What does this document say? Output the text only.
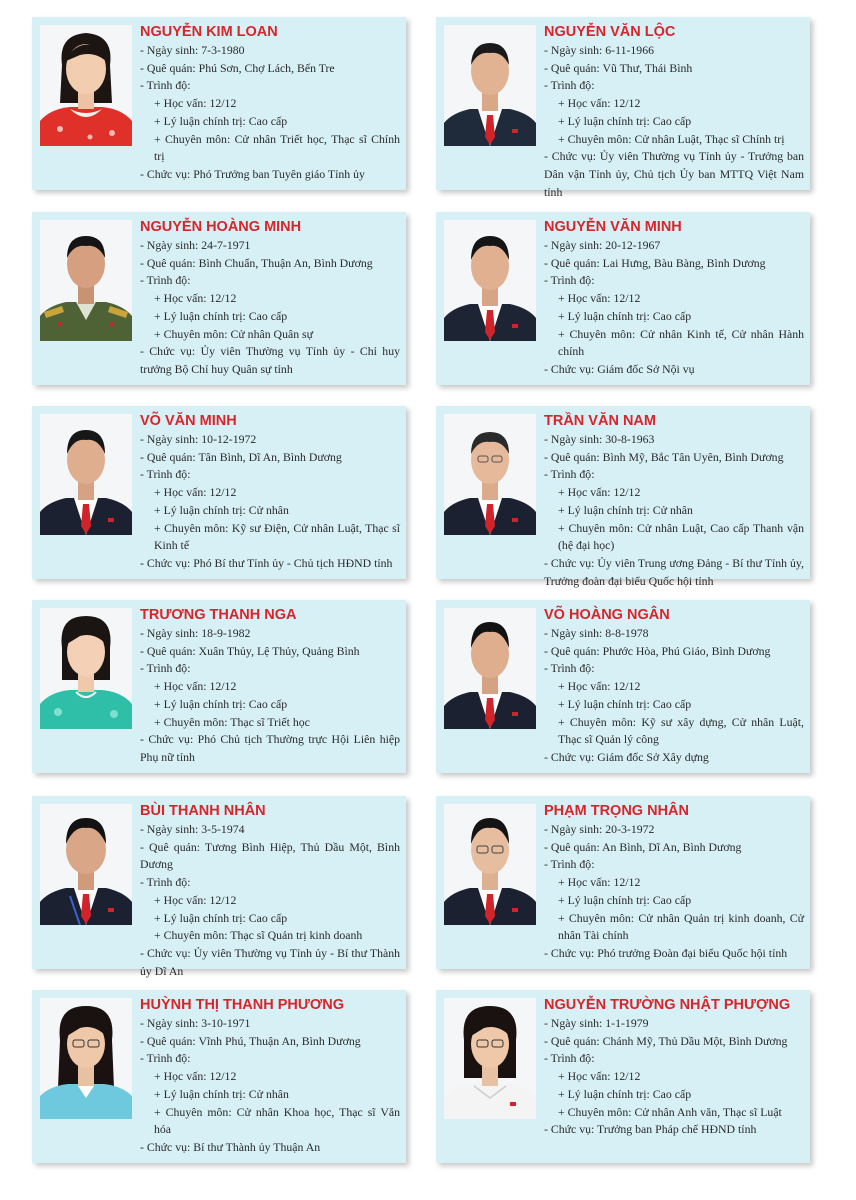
NGUYỄN KIM LOAN
- Ngày sinh: 7-3-1980
- Quê quán: Phú Sơn, Chợ Lách, Bến Tre
- Trình độ:
+ Học vấn: 12/12
+ Lý luận chính trị: Cao cấp
+ Chuyên môn: Cử nhân Triết học, Thạc sĩ Chính trị
- Chức vụ: Phó Trưởng ban Tuyên giáo Tỉnh ủy
NGUYỄN VĂN LỘC
- Ngày sinh: 6-11-1966
- Quê quán: Vũ Thư, Thái Bình
- Trình độ:
+ Học vấn: 12/12
+ Lý luận chính trị: Cao cấp
+ Chuyên môn: Cử nhân Luật, Thạc sĩ Chính trị
- Chức vụ: Ủy viên Thường vụ Tỉnh ủy - Trưởng ban Dân vận Tỉnh ủy, Chủ tịch Ủy ban MTTQ Việt Nam tỉnh
NGUYỄN HOÀNG MINH
- Ngày sinh: 24-7-1971
- Quê quán: Bình Chuẩn, Thuận An, Bình Dương
- Trình độ:
+ Học vấn: 12/12
+ Lý luận chính trị: Cao cấp
+ Chuyên môn: Cử nhân Quân sự
- Chức vụ: Ủy viên Thường vụ Tỉnh ủy - Chỉ huy trưởng Bộ Chỉ huy Quân sự tỉnh
NGUYỄN VĂN MINH
- Ngày sinh: 20-12-1967
- Quê quán: Lai Hưng, Bàu Bàng, Bình Dương
- Trình độ:
+ Học vấn: 12/12
+ Lý luận chính trị: Cao cấp
+ Chuyên môn: Cử nhân Kinh tế, Cử nhân Hành chính
- Chức vụ: Giám đốc Sở Nội vụ
VÕ VĂN MINH
- Ngày sinh: 10-12-1972
- Quê quán: Tân Bình, Dĩ An, Bình Dương
- Trình độ:
+ Học vấn: 12/12
+ Lý luận chính trị: Cử nhân
+ Chuyên môn: Kỹ sư Điện, Cử nhân Luật, Thạc sĩ Kinh tế
- Chức vụ: Phó Bí thư Tỉnh ủy - Chủ tịch HĐND tỉnh
TRẦN VĂN NAM
- Ngày sinh: 30-8-1963
- Quê quán: Bình Mỹ, Bắc Tân Uyên, Bình Dương
- Trình độ:
+ Học vấn: 12/12
+ Lý luận chính trị: Cử nhân
+ Chuyên môn: Cử nhân Luật, Cao cấp Thanh vận (hệ đại học)
- Chức vụ: Ủy viên Trung ương Đảng - Bí thư Tỉnh ủy, Trưởng đoàn đại biểu Quốc hội tỉnh
TRƯƠNG THANH NGA
- Ngày sinh: 18-9-1982
- Quê quán: Xuân Thủy, Lệ Thủy, Quảng Bình
- Trình độ:
+ Học vấn: 12/12
+ Lý luận chính trị: Cao cấp
+ Chuyên môn: Thạc sĩ Triết học
- Chức vụ: Phó Chủ tịch Thường trực Hội Liên hiệp Phụ nữ tỉnh
VÕ HOÀNG NGÂN
- Ngày sinh: 8-8-1978
- Quê quán: Phước Hòa, Phú Giáo, Bình Dương
- Trình độ:
+ Học vấn: 12/12
+ Lý luận chính trị: Cao cấp
+ Chuyên môn: Kỹ sư xây dựng, Cử nhân Luật, Thạc sĩ Quản lý công
- Chức vụ: Giám đốc Sở Xây dựng
BÙI THANH NHÂN
- Ngày sinh: 3-5-1974
- Quê quán: Tương Bình Hiệp, Thủ Dầu Một, Bình Dương
- Trình độ:
+ Học vấn: 12/12
+ Lý luận chính trị: Cao cấp
+ Chuyên môn: Thạc sĩ Quản trị kinh doanh
- Chức vụ: Ủy viên Thường vụ Tỉnh ủy - Bí thư Thành ủy Dĩ An
PHẠM TRỌNG NHÂN
- Ngày sinh: 20-3-1972
- Quê quán: An Bình, Dĩ An, Bình Dương
- Trình độ:
+ Học vấn: 12/12
+ Lý luận chính trị: Cao cấp
+ Chuyên môn: Cử nhân Quản trị kinh doanh, Cử nhân Tài chính
- Chức vụ: Phó trưởng Đoàn đại biểu Quốc hội tỉnh
HUỲNH THỊ THANH PHƯƠNG
- Ngày sinh: 3-10-1971
- Quê quán: Vĩnh Phú, Thuận An, Bình Dương
- Trình độ:
+ Học vấn: 12/12
+ Lý luận chính trị: Cử nhân
+ Chuyên môn: Cử nhân Khoa học, Thạc sĩ Văn hóa
- Chức vụ: Bí thư Thành ủy Thuận An
NGUYỄN TRƯỜNG NHẬT PHƯỢNG
- Ngày sinh: 1-1-1979
- Quê quán: Chánh Mỹ, Thủ Dầu Một, Bình Dương
- Trình độ:
+ Học vấn: 12/12
+ Lý luận chính trị: Cao cấp
+ Chuyên môn: Cử nhân Anh văn, Thạc sĩ Luật
- Chức vụ: Trưởng ban Pháp chế HĐND tỉnh
